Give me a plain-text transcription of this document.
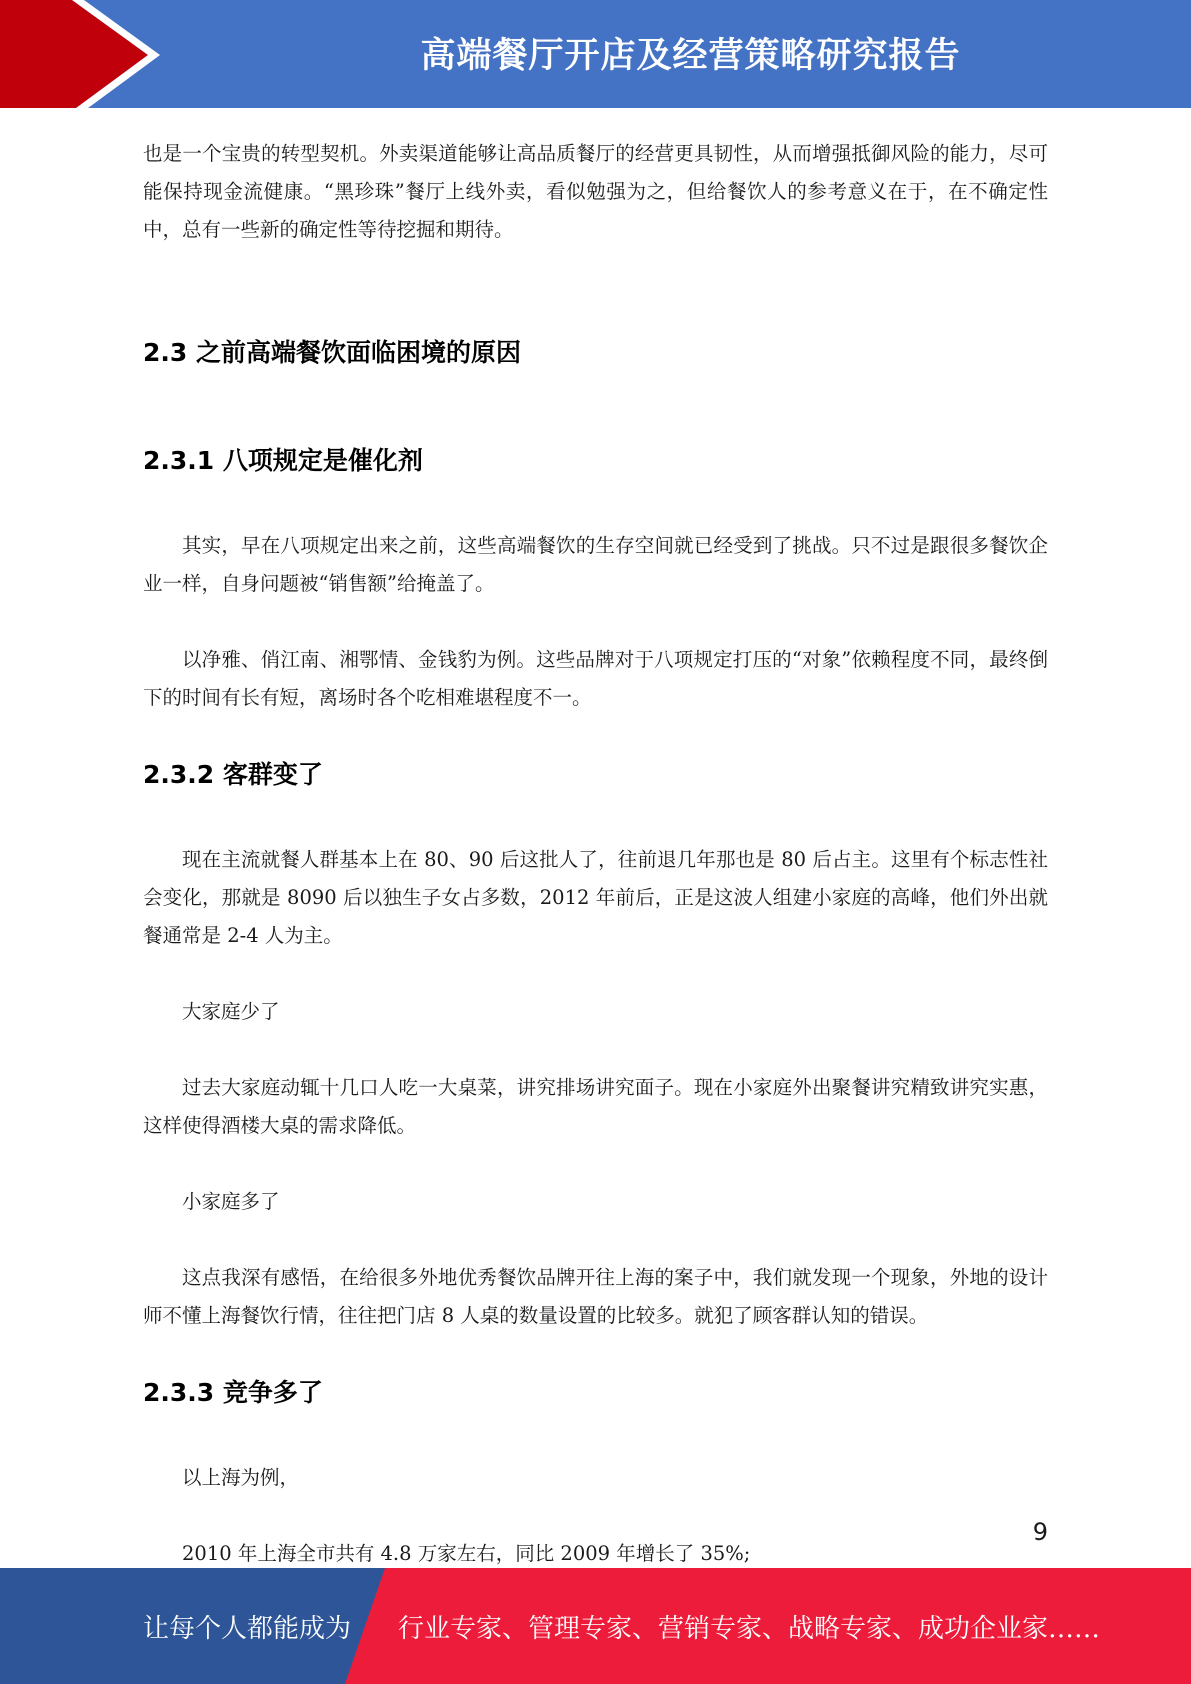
高端餐厅开店及经营策略研究报告

也是一个宝贵的转型契机。外卖渠道能够让高品质餐厅的经营更具韧性，从而增强抵御风险的能力，尽可能保持现金流健康。“黑珍珠”餐厅上线外卖，看似勉强为之，但给餐饮人的参考意义在于，在不确定性中，总有一些新的确定性等待挖掘和期待。

2.3 之前高端餐饮面临困境的原因
2.3.1 八项规定是催化剂

其实，早在八项规定出来之前，这些高端餐饮的生存空间就已经受到了挑战。只不过是跟很多餐饮企业一样，自身问题被“销售额”给掩盖了。

以净雅、俏江南、湘鄂情、金钱豹为例。这些品牌对于八项规定打压的“对象”依赖程度不同，最终倒下的时间有长有短，离场时各个吃相难堪程度不一。

2.3.2 客群变了

现在主流就餐人群基本上在 80、90 后这批人了，往前退几年那也是 80 后占主。这里有个标志性社会变化，那就是 8090 后以独生子女占多数，2012 年前后，正是这波人组建小家庭的高峰，他们外出就餐通常是 2-4 人为主。

大家庭少了

过去大家庭动辄十几口人吃一大桌菜，讲究排场讲究面子。现在小家庭外出聚餐讲究精致讲究实惠，这样使得酒楼大桌的需求降低。

小家庭多了

这点我深有感悟，在给很多外地优秀餐饮品牌开往上海的案子中，我们就发现一个现象，外地的设计师不懂上海餐饮行情，往往把门店 8 人桌的数量设置的比较多。就犯了顾客群认知的错误。

2.3.3 竞争多了

以上海为例，

2010 年上海全市共有 4.8 万家左右，同比 2009 年增长了 35%;

9
让每个人都能成为 行业专家、管理专家、营销专家、战略专家、成功企业家……
